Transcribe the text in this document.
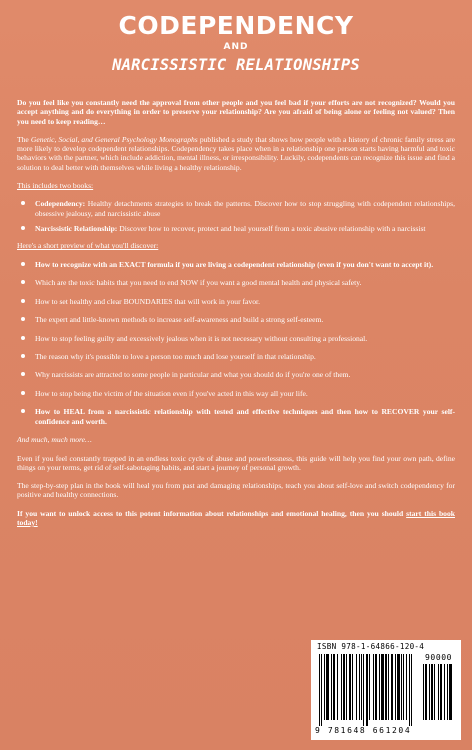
CODEPENDENCY
AND
NARCISSISTIC RELATIONSHIPS

Do you feel like you constantly need the approval from other people and you feel bad if your efforts are not recognized? Would you accept anything and do everything in order to preserve your relationship? Are you afraid of being alone or feeling not valued? Then you need to keep reading…

The Genetic, Social, and General Psychology Monographs published a study that shows how people with a history of chronic family stress are more likely to develop codependent relationships. Codependency takes place when in a relationship one person starts having harmful and toxic behaviors with the partner, which include addiction, mental illness, or irresponsibility. Luckily, codependents can recognize this issue and find a solution to deal better with themselves while living a healthy relationship.

This includes two books:

Codependency: Healthy detachments strategies to break the patterns. Discover how to stop struggling with codependent relationships, obsessive jealousy, and narcissistic abuse
Narcissistic Relationship: Discover how to recover, protect and heal yourself from a toxic abusive relationship with a narcissist

Here's a short preview of what you'll discover:

How to recognize with an EXACT formula if you are living a codependent relationship (even if you don't want to accept it).
Which are the toxic habits that you need to end NOW if you want a good mental health and physical safety.
How to set healthy and clear BOUNDARIES that will work in your favor.
The expert and little-known methods to increase self-awareness and build a strong self-esteem.
How to stop feeling guilty and excessively jealous when it is not necessary without consulting a professional.
The reason why it's possible to love a person too much and lose yourself in that relationship.
Why narcissists are attracted to some people in particular and what you should do if you're one of them.
How to stop being the victim of the situation even if you've acted in this way all your life.
How to HEAL from a narcissistic relationship with tested and effective techniques and then how to RECOVER your self-confidence and worth.

And much, much more…

Even if you feel constantly trapped in an endless toxic cycle of abuse and powerlessness, this guide will help you find your own path, define things on your terms, get rid of self-sabotaging habits, and start a journey of personal growth.

The step-by-step plan in the book will heal you from past and damaging relationships, teach you about self-love and switch codependency for positive and healthy connections.

If you want to unlock access to this potent information about relationships and emotional healing, then you should start this book today!

ISBN 978-1-64866-120-4
90000
9 781648 661204
